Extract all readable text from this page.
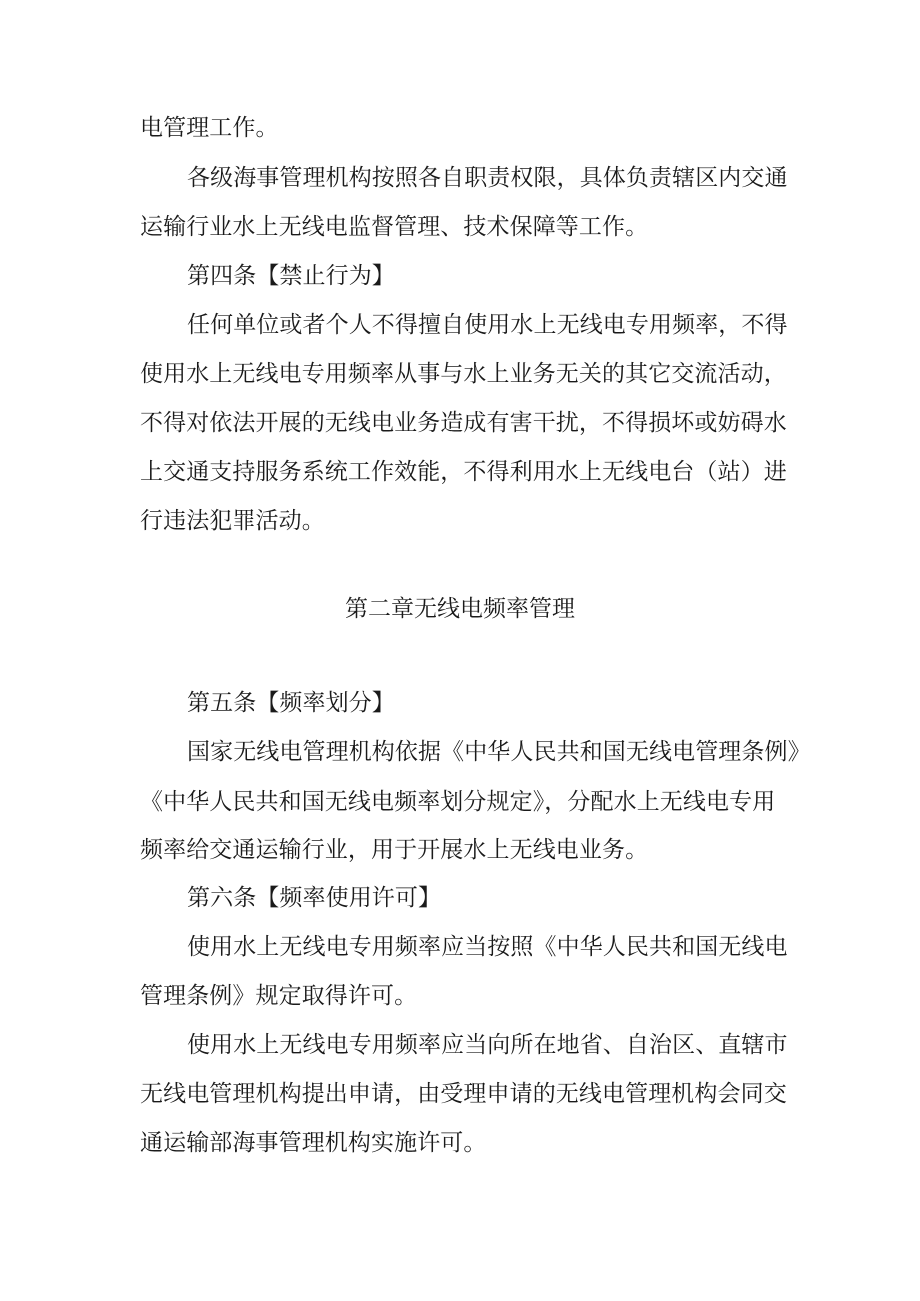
电管理工作。
各级海事管理机构按照各自职责权限，具体负责辖区内交通
运输行业水上无线电监督管理、技术保障等工作。
第四条【禁止行为】
任何单位或者个人不得擅自使用水上无线电专用频率，不得
使用水上无线电专用频率从事与水上业务无关的其它交流活动，
不得对依法开展的无线电业务造成有害干扰，不得损坏或妨碍水
上交通支持服务系统工作效能，不得利用水上无线电台（站）进
行违法犯罪活动。
第二章无线电频率管理
第五条【频率划分】
国家无线电管理机构依据《中华人民共和国无线电管理条例》
《中华人民共和国无线电频率划分规定》，分配水上无线电专用
频率给交通运输行业，用于开展水上无线电业务。
第六条【频率使用许可】
使用水上无线电专用频率应当按照《中华人民共和国无线电
管理条例》规定取得许可。
使用水上无线电专用频率应当向所在地省、自治区、直辖市
无线电管理机构提出申请，由受理申请的无线电管理机构会同交
通运输部海事管理机构实施许可。
